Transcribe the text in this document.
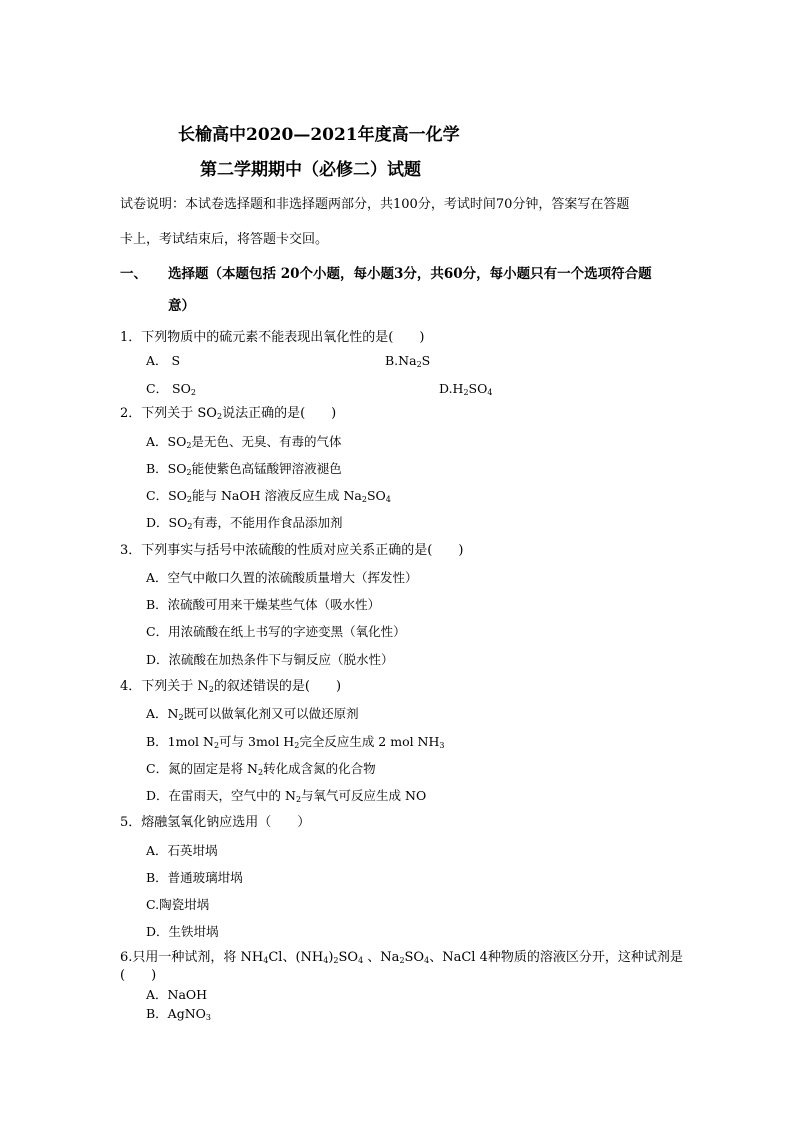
长榆高中2020—2021年度高一化学
第二学期期中（必修二）试题
试卷说明：本试卷选择题和非选择题两部分，共100分，考试时间70分钟，答案写在答题
卡上，考试结束后，将答题卡交回。
一、 选择题（本题包括 20个小题，每小题3分，共60分，每小题只有一个选项符合题
意）
1．下列物质中的硫元素不能表现出氧化性的是(　　)
A． S	$B.Na_2S$
C． $SO_2$	$D.H_2SO_4$
2．下列关于 $SO_2$说法正确的是(　　)
A．$SO_2$是无色、无臭、有毒的气体
B．$SO_2$能使紫色高锰酸钾溶液褪色
C．$SO_2$能与 NaOH 溶液反应生成 $Na_2SO_4$
D．$SO_2$有毒，不能用作食品添加剂
3．下列事实与括号中浓硫酸的性质对应关系正确的是(　　)
A．空气中敞口久置的浓硫酸质量增大（挥发性）
B．浓硫酸可用来干燥某些气体（吸水性）
C．用浓硫酸在纸上书写的字迹变黑（氧化性）
D．浓硫酸在加热条件下与铜反应（脱水性）
4．下列关于 $N_2$的叙述错误的是(　　)
A．$N_2$既可以做氧化剂又可以做还原剂
B．1mol $N_2$可与 3mol $H_2$完全反应生成 2 mol $NH_3$
C．氮的固定是将 $N_2$转化成含氮的化合物
D．在雷雨天，空气中的 $N_2$与氧气可反应生成 NO
5．熔融氢氧化钠应选用（　　）
A．石英坩埚
B．普通玻璃坩埚
C.陶瓷坩埚
D．生铁坩埚
6.只用一种试剂，将 $NH_4Cl$、$(NH_4)_2SO_4$ 、$Na_2SO_4$、NaCl 4种物质的溶液区分开，这种试剂是
(　　)
A．NaOH
B．AgNO$_3$
